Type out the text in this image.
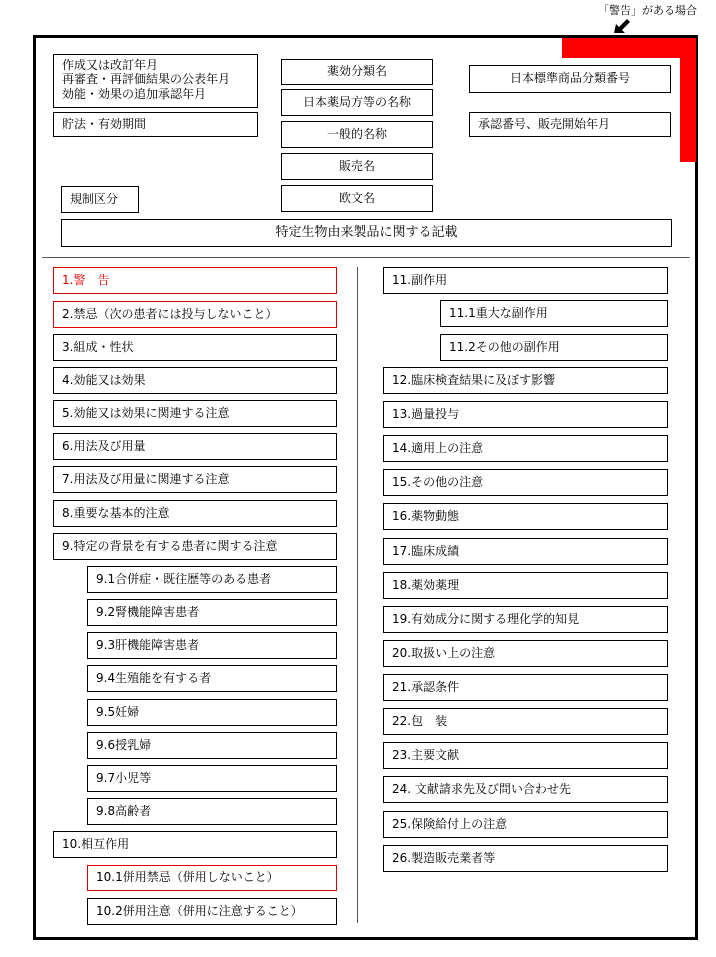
「警告」がある場合
作成又は改訂年月
再審査・再評価結果の公表年月
効能・効果の追加承認年月
貯法・有効期間
規制区分
薬効分類名
日本薬局方等の名称
一般的名称
販売名
欧文名
日本標準商品分類番号
承認番号、販売開始年月
特定生物由来製品に関する記載
1.警　告
2.禁忌（次の患者には投与しないこと）
3.組成・性状
4.効能又は効果
5.効能又は効果に関連する注意
6.用法及び用量
7.用法及び用量に関連する注意
8.重要な基本的注意
9.特定の背景を有する患者に関する注意
9.1合併症・既往歴等のある患者
9.2腎機能障害患者
9.3肝機能障害患者
9.4生殖能を有する者
9.5妊婦
9.6授乳婦
9.7小児等
9.8高齢者
10.相互作用
10.1併用禁忌（併用しないこと）
10.2併用注意（併用に注意すること）
11.副作用
11.1重大な副作用
11.2その他の副作用
12.臨床検査結果に及ぼす影響
13.過量投与
14.適用上の注意
15.その他の注意
16.薬物動態
17.臨床成績
18.薬効薬理
19.有効成分に関する理化学的知見
20.取扱い上の注意
21.承認条件
22.包　装
23.主要文献
24. 文献請求先及び問い合わせ先
25.保険給付上の注意
26.製造販売業者等
